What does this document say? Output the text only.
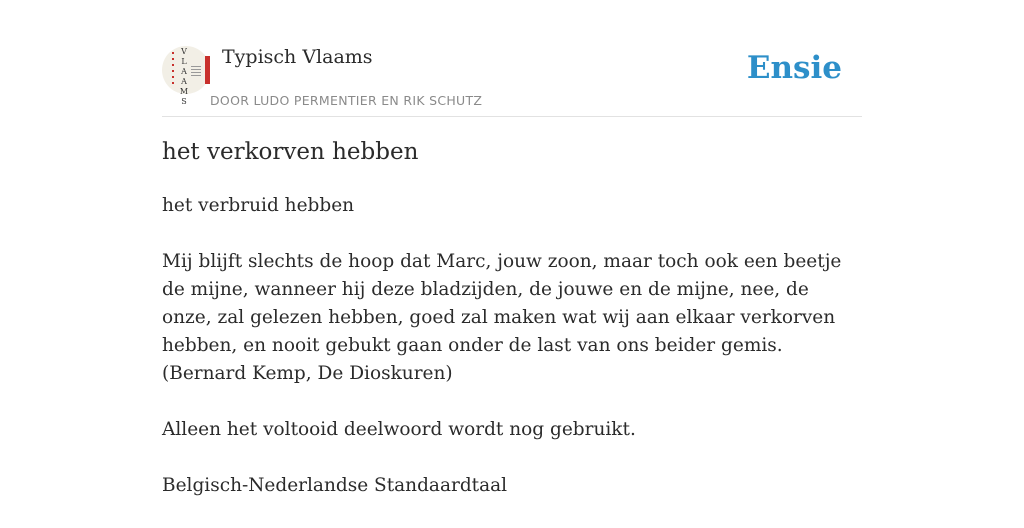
V
L
A
A
M
S
Typisch Vlaams
DOOR LUDO PERMENTIER EN RIK SCHUTZ
Ensie
het verkorven hebben

het verbruid hebben

Mij blijft slechts de hoop dat Marc, jouw zoon, maar toch ook een beetje de mijne, wanneer hij deze bladzijden, de jouwe en de mijne, nee, de onze, zal gelezen hebben, goed zal maken wat wij aan elkaar verkorven hebben, en nooit gebukt gaan onder de last van ons beider gemis.

(Bernard Kemp, De Dioskuren)

Alleen het voltooid deelwoord wordt nog gebruikt.

Belgisch-Nederlandse Standaardtaal
